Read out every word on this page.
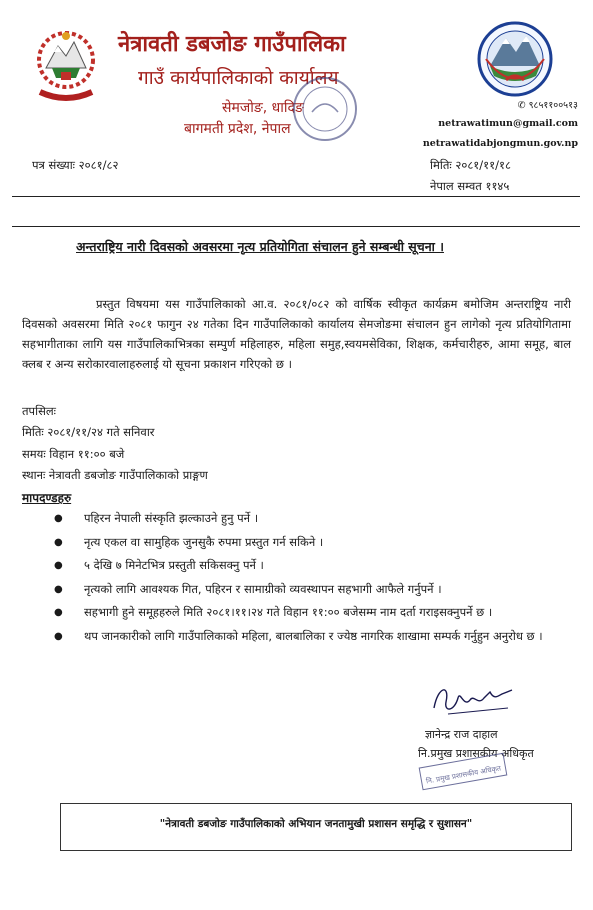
नेत्रावती डबजोङ गाउँपालिका
गाउँ कार्यपालिकाको कार्यालय
सेमजोङ, धादिङ
बागमती प्रदेश, नेपाल
✆ ९८५११००५१३
netrawatimun@gmail.com
netrawatidabjongmun.gov.np
पत्र संख्याः २०८१/८२	मितिः २०८१/११/१८
नेपाल सम्वत ११४५
अन्तराष्ट्रिय नारी दिवसको अवसरमा नृत्य प्रतियोगिता संचालन हुने सम्बन्धी सूचना ।
प्रस्तुत विषयमा यस गाउँपालिकाको आ.व. २०८१/०८२ को वार्षिक स्वीकृत कार्यक्रम बमोजिम अन्तराष्ट्रिय नारी दिवसको अवसरमा मिति २०८१ फागुन २४ गतेका दिन गाउँपालिकाको कार्यालय सेमजोङमा संचालन हुन लागेको नृत्य प्रतियोगितामा सहभागीताका लागि यस गाउँपालिकाभित्रका सम्पुर्ण महिलाहरु, महिला समुह,स्वयमसेविका, शिक्षक, कर्मचारीहरु, आमा समूह, बाल क्लब र अन्य सरोकारवालाहरुलाई यो सूचना प्रकाशन गरिएको छ ।
तपसिलः
मितिः २०८१/११/२४ गते सनिवार
समयः विहान ११:०० बजे
स्थानः नेत्रावती डबजोङ गाउँपालिकाको प्राङ्गण
मापदण्डहरु
● पहिरन नेपाली संस्कृति झल्काउने हुनु पर्ने ।
● नृत्य एकल वा सामुहिक जुनसुकै रुपमा प्रस्तुत गर्न सकिने ।
● ५ देखि ७ मिनेटभित्र प्रस्तुती सकिसक्नु पर्ने ।
● नृत्यको लागि आवश्यक गित, पहिरन र सामाग्रीको व्यवस्थापन सहभागी आफैले गर्नुपर्ने ।
● सहभागी हुने समूहहरुले मिति २०८१।११।२४ गते विहान ११:०० बजेसम्म नाम दर्ता गराइसक्नुपर्ने छ ।
● थप जानकारीको लागि गाउँपालिकाको महिला, बालबालिका र ज्येष्ठ नागरिक शाखामा सम्पर्क गर्नुहुन अनुरोध छ ।
ज्ञानेन्द्र राज दाहाल
नि.प्रमुख प्रशासकीय अधिकृत
नि. प्रमुख प्रशासकीय अधिकृत
"नेत्रावती डबजोङ गाउँपालिकाको अभियान जनतामुखी प्रशासन समृद्धि र सुशासन"
